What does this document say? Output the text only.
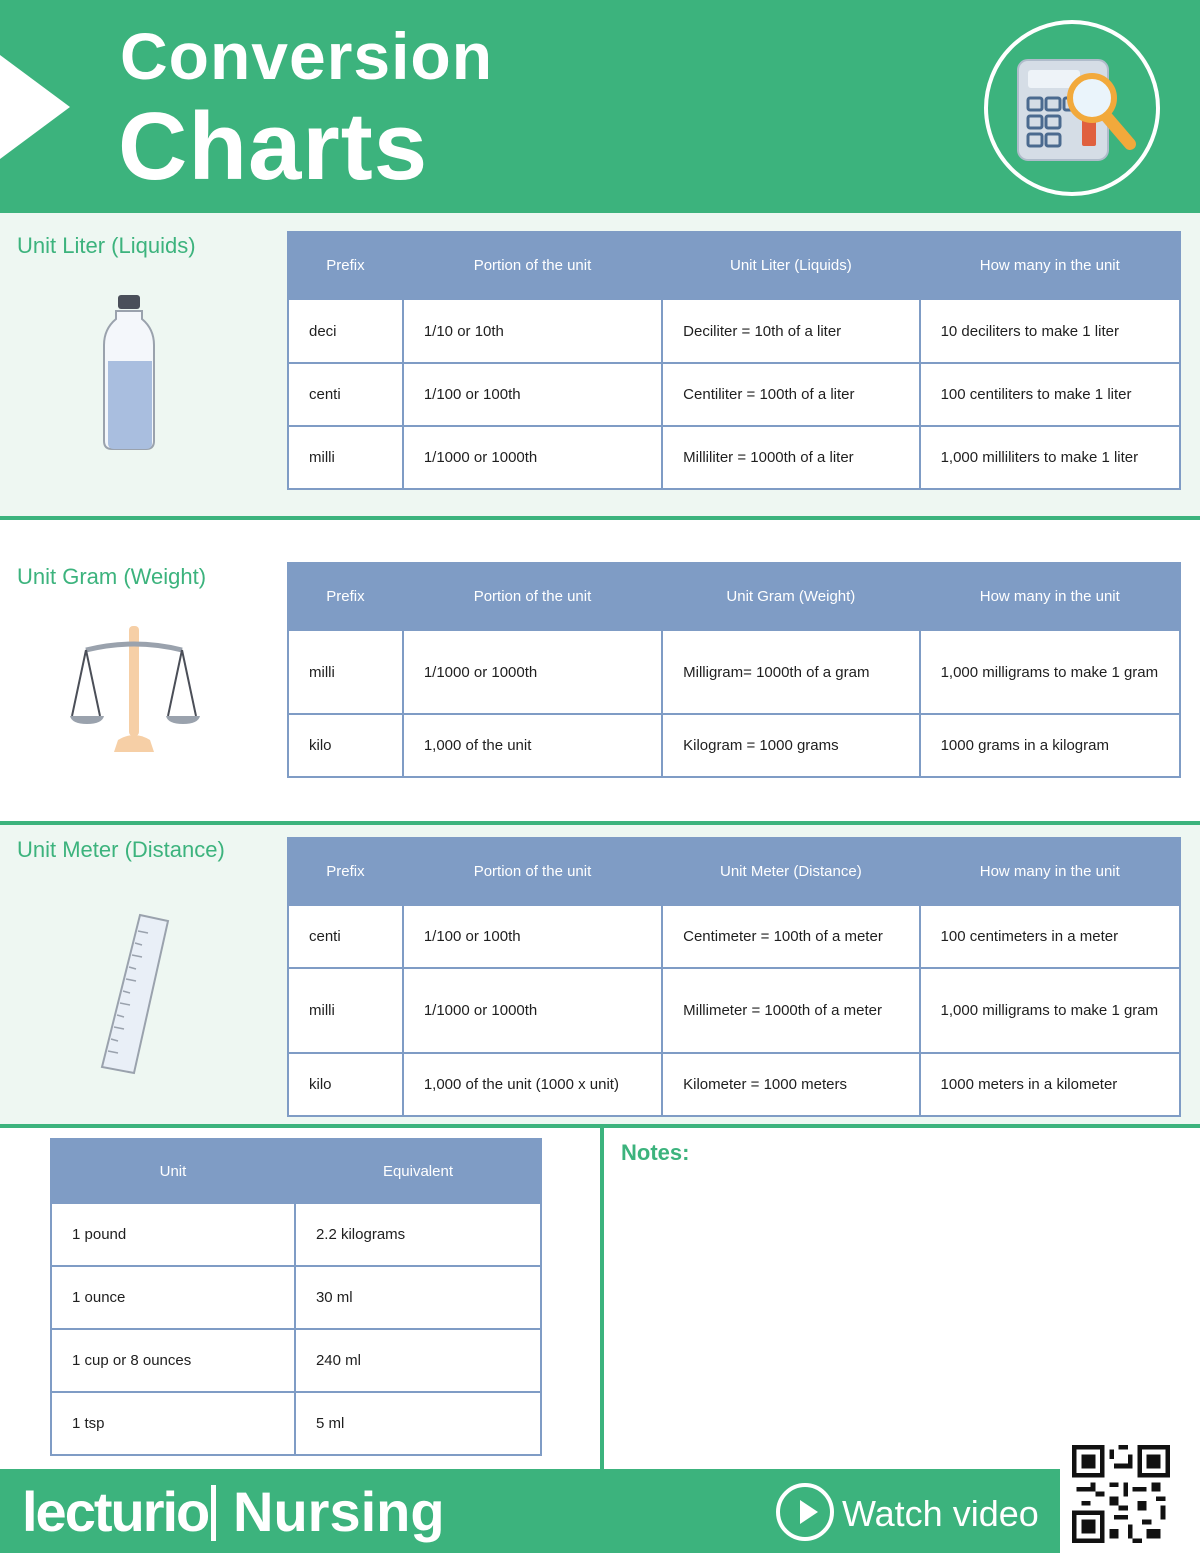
Conversion
Charts
Unit Liter (Liquids)
Prefix	Portion of the unit	Unit Liter (Liquids)	How many in the unit
deci	1/10 or 10th	Deciliter = 10th of a liter	10 deciliters to make 1 liter
centi	1/100 or 100th	Centiliter = 100th of a liter	100 centiliters to make 1 liter
milli	1/1000 or 1000th	Milliliter = 1000th of a liter	1,000 milliliters to make 1 liter
Unit Gram (Weight)
Prefix	Portion of the unit	Unit Gram (Weight)	How many in the unit
milli	1/1000 or 1000th	Milligram= 1000th of a gram	1,000 milligrams to make 1 gram
kilo	1,000 of the unit	Kilogram = 1000 grams	1000 grams in a kilogram
Unit Meter (Distance)
Prefix	Portion of the unit	Unit Meter (Distance)	How many in the unit
centi	1/100 or 100th	Centimeter = 100th of a meter	100 centimeters in a meter
milli	1/1000 or 1000th	Millimeter = 1000th of a meter	1,000 milligrams to make 1 gram
kilo	1,000 of the unit (1000 x unit)	Kilometer = 1000 meters	1000 meters in a kilometer
Unit	Equivalent
1 pound	2.2 kilograms
1 ounce	30 ml
1 cup or 8 ounces	240 ml
1 tsp	5 ml
Notes:
lecturio Nursing	Watch video
